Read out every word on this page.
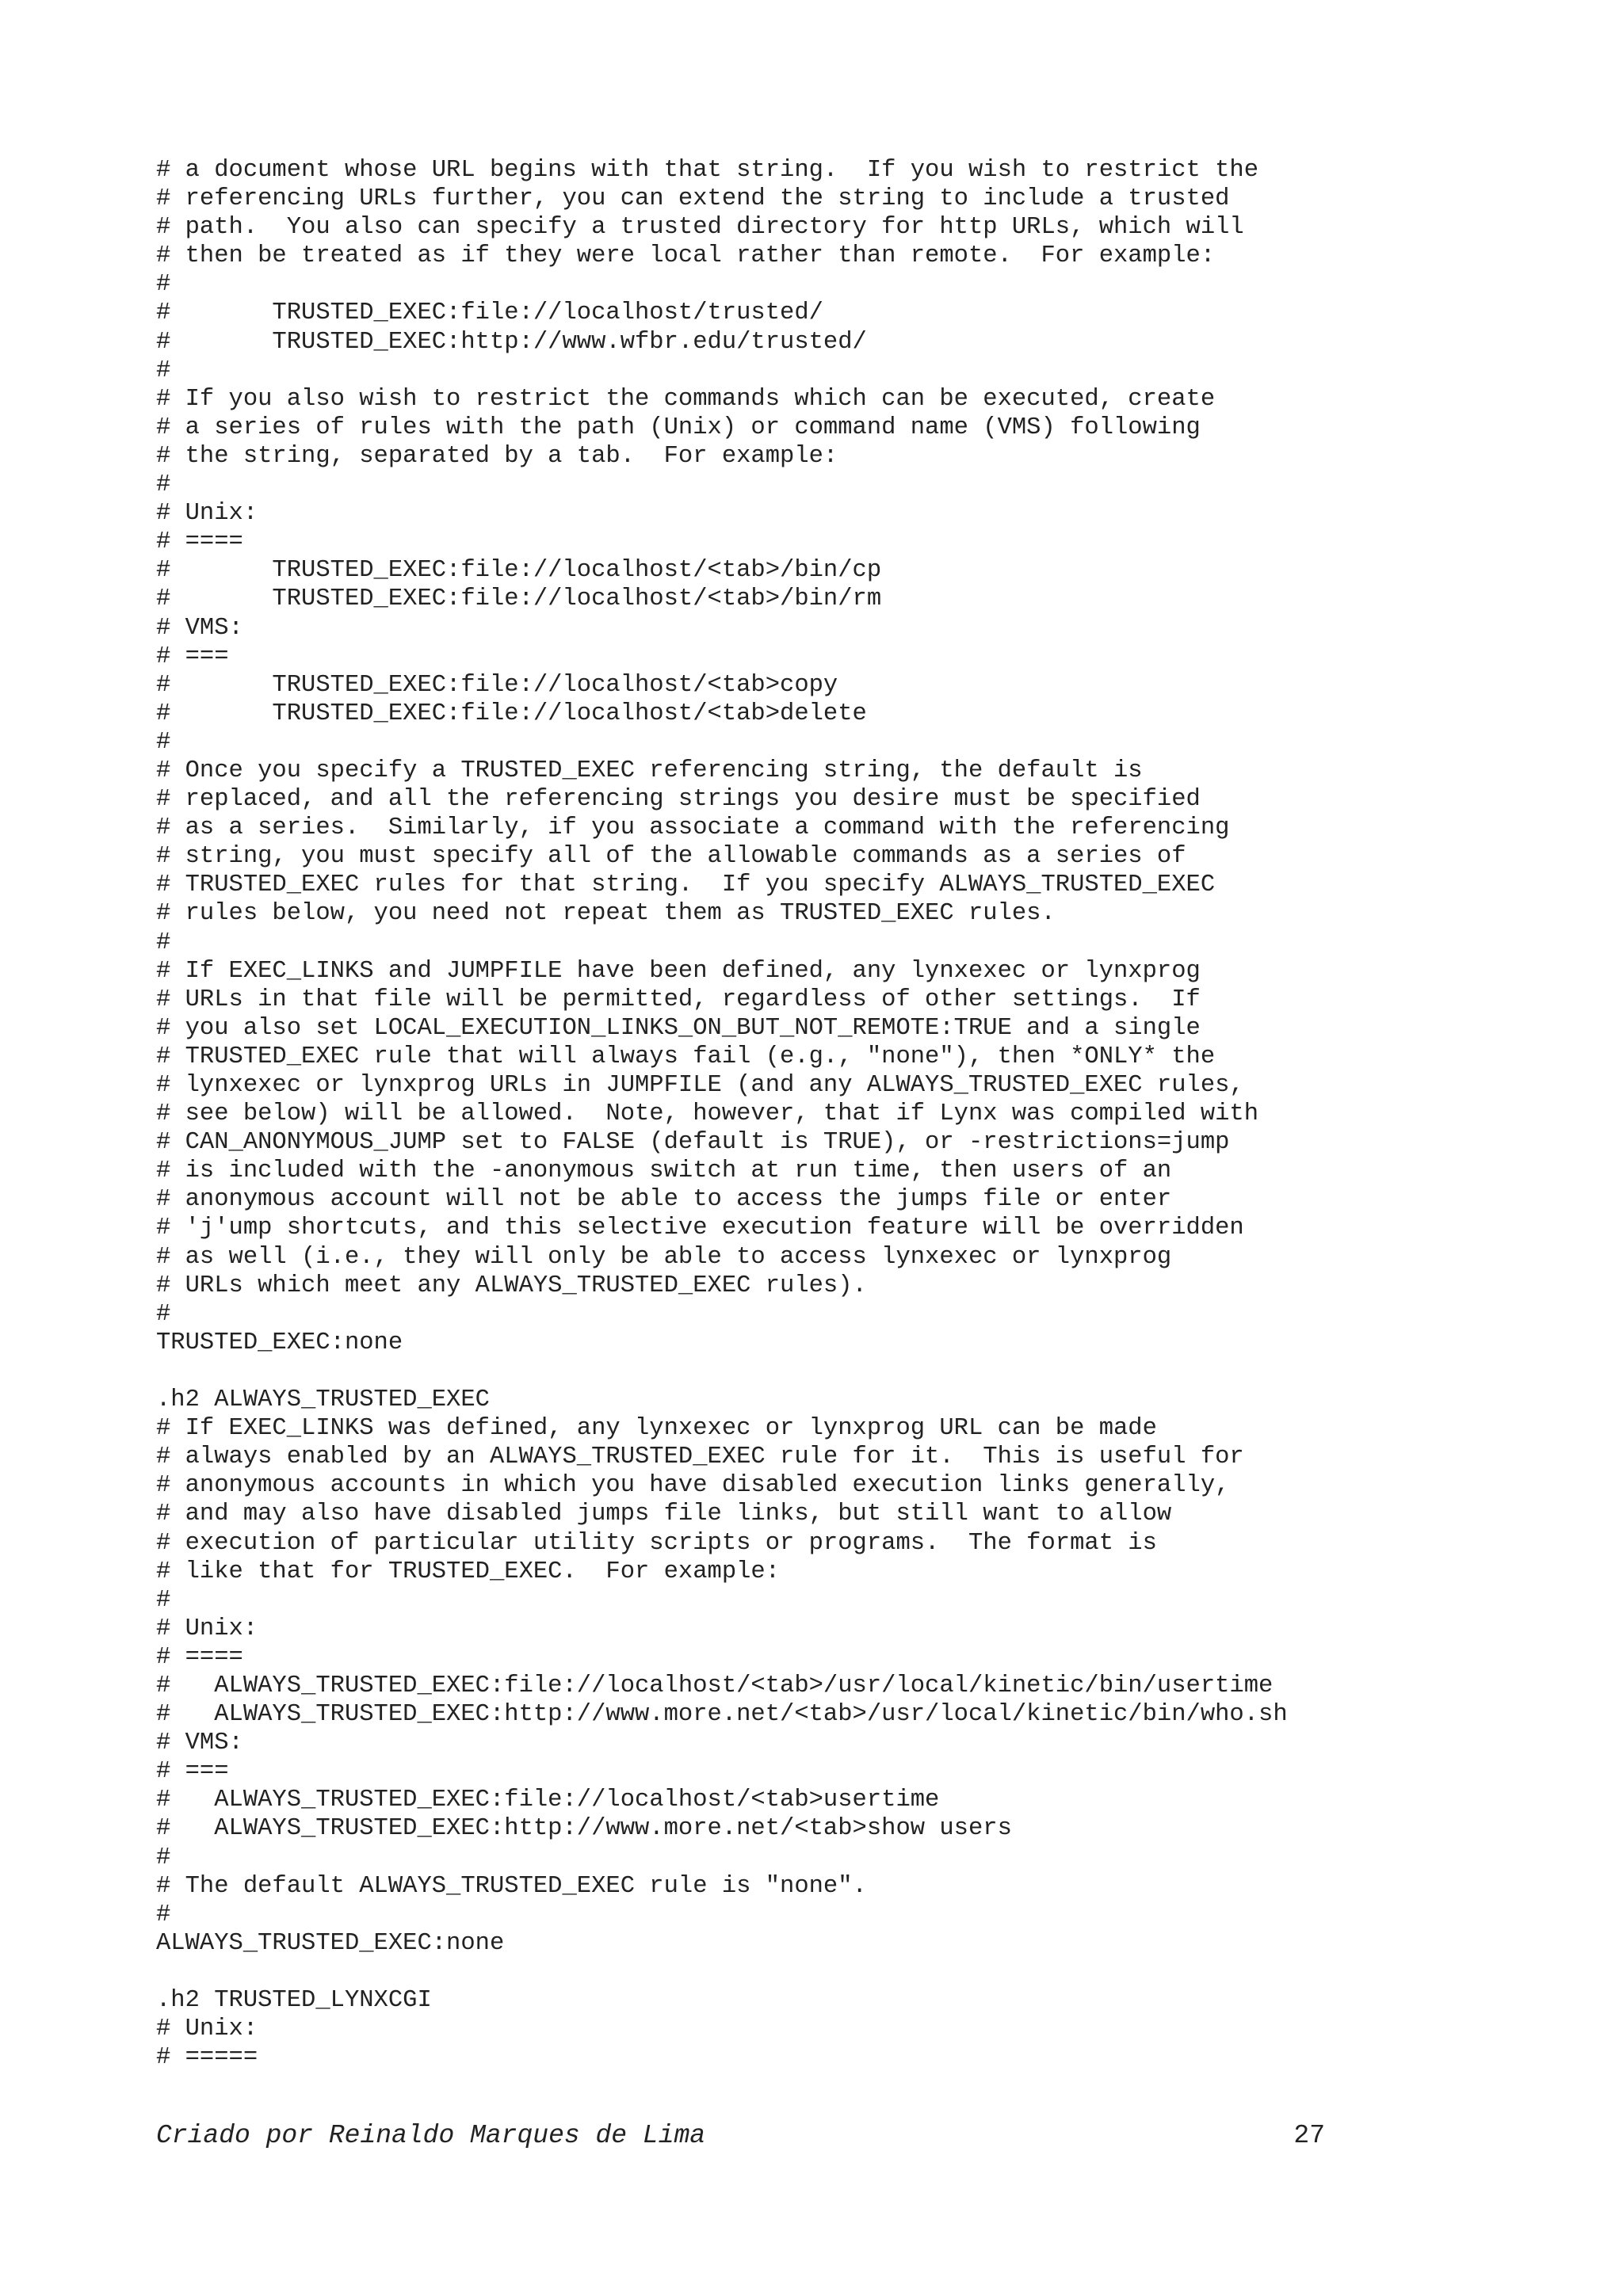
# a document whose URL begins with that string.  If you wish to restrict the
# referencing URLs further, you can extend the string to include a trusted
# path.  You also can specify a trusted directory for http URLs, which will
# then be treated as if they were local rather than remote.  For example:
#
#       TRUSTED_EXEC:file://localhost/trusted/
#       TRUSTED_EXEC:http://www.wfbr.edu/trusted/
#
# If you also wish to restrict the commands which can be executed, create
# a series of rules with the path (Unix) or command name (VMS) following
# the string, separated by a tab.  For example:
#
# Unix:
# ====
#       TRUSTED_EXEC:file://localhost/<tab>/bin/cp
#       TRUSTED_EXEC:file://localhost/<tab>/bin/rm
# VMS:
# ===
#       TRUSTED_EXEC:file://localhost/<tab>copy
#       TRUSTED_EXEC:file://localhost/<tab>delete
#
# Once you specify a TRUSTED_EXEC referencing string, the default is
# replaced, and all the referencing strings you desire must be specified
# as a series.  Similarly, if you associate a command with the referencing
# string, you must specify all of the allowable commands as a series of
# TRUSTED_EXEC rules for that string.  If you specify ALWAYS_TRUSTED_EXEC
# rules below, you need not repeat them as TRUSTED_EXEC rules.
#
# If EXEC_LINKS and JUMPFILE have been defined, any lynxexec or lynxprog
# URLs in that file will be permitted, regardless of other settings.  If
# you also set LOCAL_EXECUTION_LINKS_ON_BUT_NOT_REMOTE:TRUE and a single
# TRUSTED_EXEC rule that will always fail (e.g., "none"), then *ONLY* the
# lynxexec or lynxprog URLs in JUMPFILE (and any ALWAYS_TRUSTED_EXEC rules,
# see below) will be allowed.  Note, however, that if Lynx was compiled with
# CAN_ANONYMOUS_JUMP set to FALSE (default is TRUE), or -restrictions=jump
# is included with the -anonymous switch at run time, then users of an
# anonymous account will not be able to access the jumps file or enter
# 'j'ump shortcuts, and this selective execution feature will be overridden
# as well (i.e., they will only be able to access lynxexec or lynxprog
# URLs which meet any ALWAYS_TRUSTED_EXEC rules).
#
TRUSTED_EXEC:none
.h2 ALWAYS_TRUSTED_EXEC
# If EXEC_LINKS was defined, any lynxexec or lynxprog URL can be made
# always enabled by an ALWAYS_TRUSTED_EXEC rule for it.  This is useful for
# anonymous accounts in which you have disabled execution links generally,
# and may also have disabled jumps file links, but still want to allow
# execution of particular utility scripts or programs.  The format is
# like that for TRUSTED_EXEC.  For example:
#
# Unix:
# ====
#   ALWAYS_TRUSTED_EXEC:file://localhost/<tab>/usr/local/kinetic/bin/usertime
#   ALWAYS_TRUSTED_EXEC:http://www.more.net/<tab>/usr/local/kinetic/bin/who.sh
# VMS:
# ===
#   ALWAYS_TRUSTED_EXEC:file://localhost/<tab>usertime
#   ALWAYS_TRUSTED_EXEC:http://www.more.net/<tab>show users
#
# The default ALWAYS_TRUSTED_EXEC rule is "none".
#
ALWAYS_TRUSTED_EXEC:none
.h2 TRUSTED_LYNXCGI
# Unix:
# =====
Criado por Reinaldo Marques de Lima	27
